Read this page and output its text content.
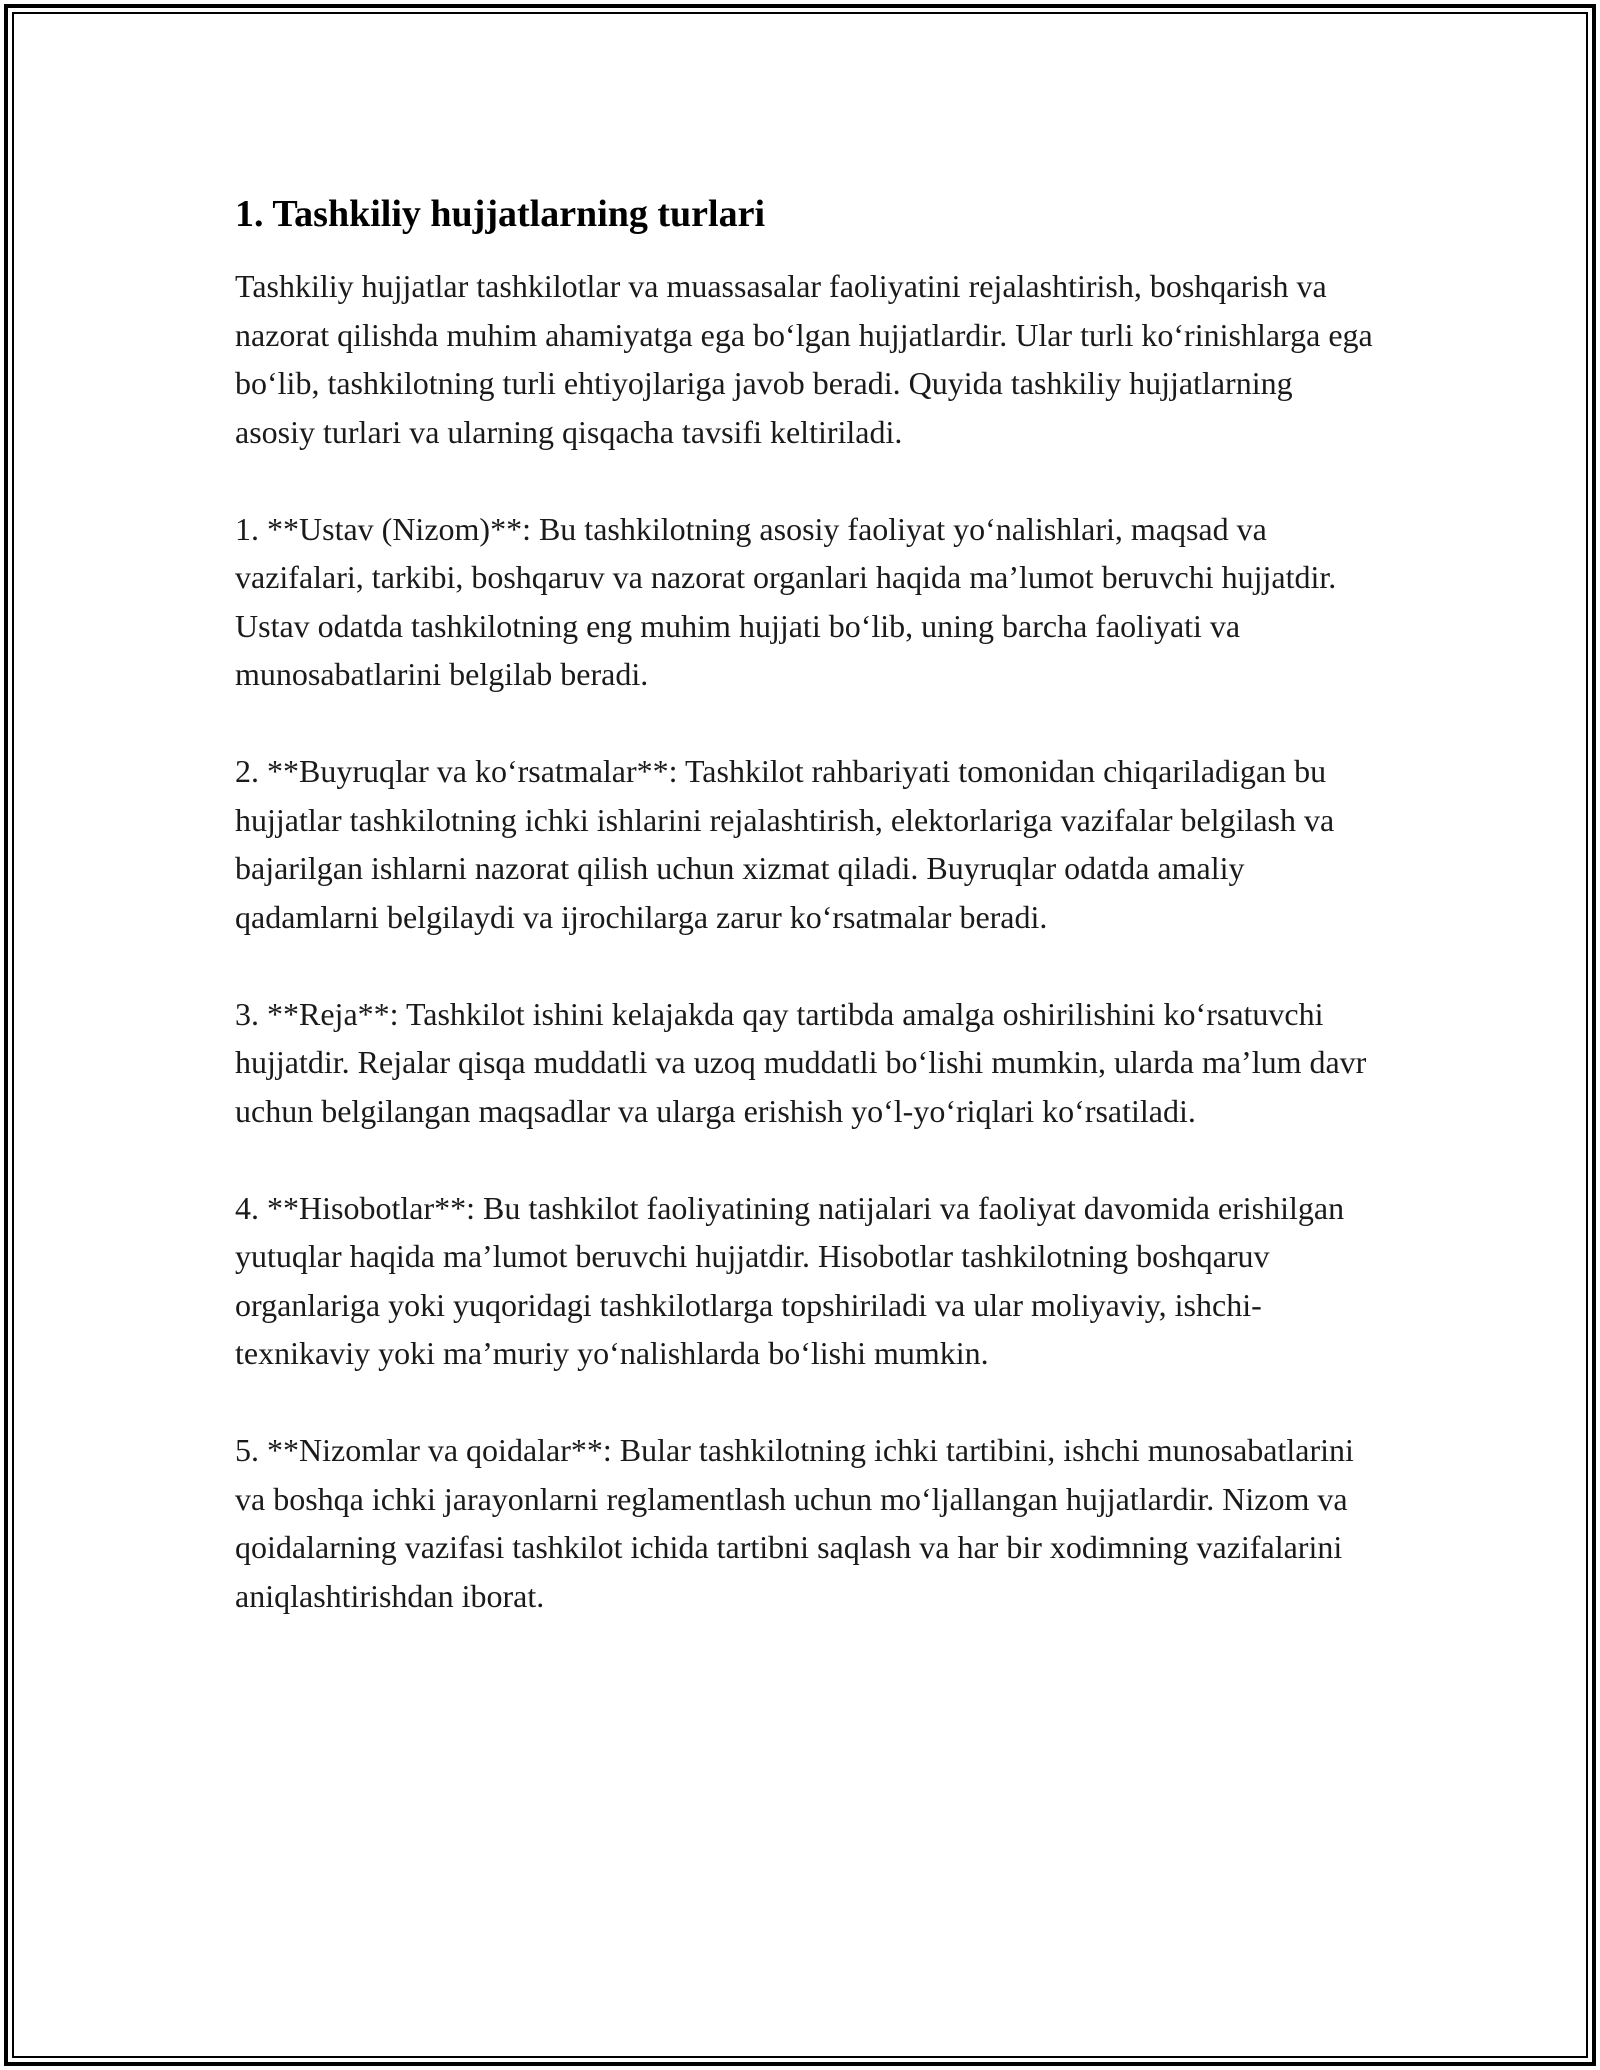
1. Tashkiliy hujjatlarning turlari

Tashkiliy hujjatlar tashkilotlar va muassasalar faoliyatini rejalashtirish, boshqarish va nazorat qilishda muhim ahamiyatga ega bo‘lgan hujjatlardir. Ular turli ko‘rinishlarga ega bo‘lib, tashkilotning turli ehtiyojlariga javob beradi. Quyida tashkiliy hujjatlarning asosiy turlari va ularning qisqacha tavsifi keltiriladi.

1. **Ustav (Nizom)**: Bu tashkilotning asosiy faoliyat yo‘nalishlari, maqsad va vazifalari, tarkibi, boshqaruv va nazorat organlari haqida ma’lumot beruvchi hujjatdir. Ustav odatda tashkilotning eng muhim hujjati bo‘lib, uning barcha faoliyati va munosabatlarini belgilab beradi.

2. **Buyruqlar va ko‘rsatmalar**: Tashkilot rahbariyati tomonidan chiqariladigan bu hujjatlar tashkilotning ichki ishlarini rejalashtirish, elektorlariga vazifalar belgilash va bajarilgan ishlarni nazorat qilish uchun xizmat qiladi. Buyruqlar odatda amaliy qadamlarni belgilaydi va ijrochilarga zarur ko‘rsatmalar beradi.

3. **Reja**: Tashkilot ishini kelajakda qay tartibda amalga oshirilishini ko‘rsatuvchi hujjatdir. Rejalar qisqa muddatli va uzoq muddatli bo‘lishi mumkin, ularda ma’lum davr uchun belgilangan maqsadlar va ularga erishish yo‘l-yo‘riqlari ko‘rsatiladi.

4. **Hisobotlar**: Bu tashkilot faoliyatining natijalari va faoliyat davomida erishilgan yutuqlar haqida ma’lumot beruvchi hujjatdir. Hisobotlar tashkilotning boshqaruv organlariga yoki yuqoridagi tashkilotlarga topshiriladi va ular moliyaviy, ishchi-texnikaviy yoki ma’muriy yo‘nalishlarda bo‘lishi mumkin.

5. **Nizomlar va qoidalar**: Bular tashkilotning ichki tartibini, ishchi munosabatlarini va boshqa ichki jarayonlarni reglamentlash uchun mo‘ljallangan hujjatlardir. Nizom va qoidalarning vazifasi tashkilot ichida tartibni saqlash va har bir xodimning vazifalarini aniqlashtirishdan iborat.
